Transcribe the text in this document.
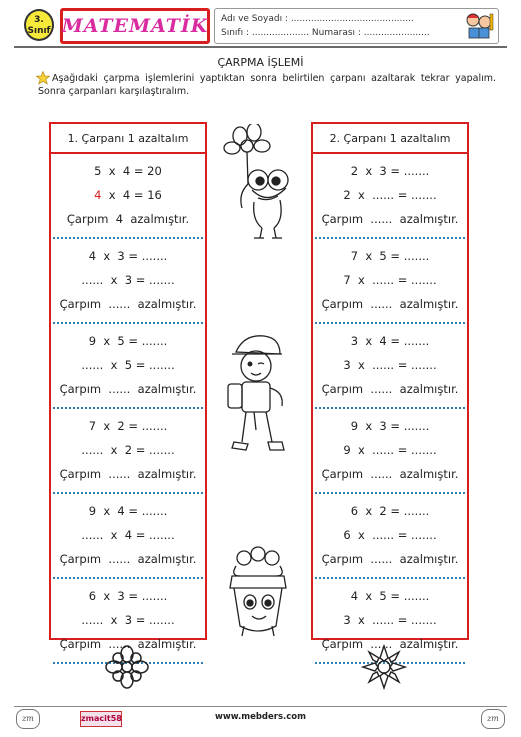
3.
Sınıf MATEMATİK Adı ve Soyadı : ...........................................
Sınıfı : .................... Numarası : .......................
ÇARPMA İŞLEMİ
Aşağıdaki çarpma işlemlerini yaptıktan sonra belirtilen çarpanı azaltarak tekrar yapalım. Sonra çarpanları karşılaştıralım.
1. Çarpanı 1 azaltalım
5  x  4 = 20
4  x  4 = 16
Çarpım  4  azalmıştır.
4  x  3 = .......
......  x  3 = .......
Çarpım  ......  azalmıştır.
9  x  5 = .......
......  x  5 = .......
Çarpım  ......  azalmıştır.
7  x  2 = .......
......  x  2 = .......
Çarpım  ......  azalmıştır.
9  x  4 = .......
......  x  4 = .......
Çarpım  ......  azalmıştır.
6  x  3 = .......
......  x  3 = .......
Çarpım  ......  azalmıştır.
2. Çarpanı 1 azaltalım
2  x  3 = .......
2  x  ...... = .......
Çarpım  ......  azalmıştır.
7  x  5 = .......
7  x  ...... = .......
Çarpım  ......  azalmıştır.
3  x  4 = .......
3  x  ...... = .......
Çarpım  ......  azalmıştır.
9  x  3 = .......
9  x  ...... = .......
Çarpım  ......  azalmıştır.
6  x  2 = .......
6  x  ...... = .......
Çarpım  ......  azalmıştır.
4  x  5 = .......
3  x  ...... = .......
Çarpım  ......  azalmıştır.
zm	zmacit58	www.mebders.com	zm
